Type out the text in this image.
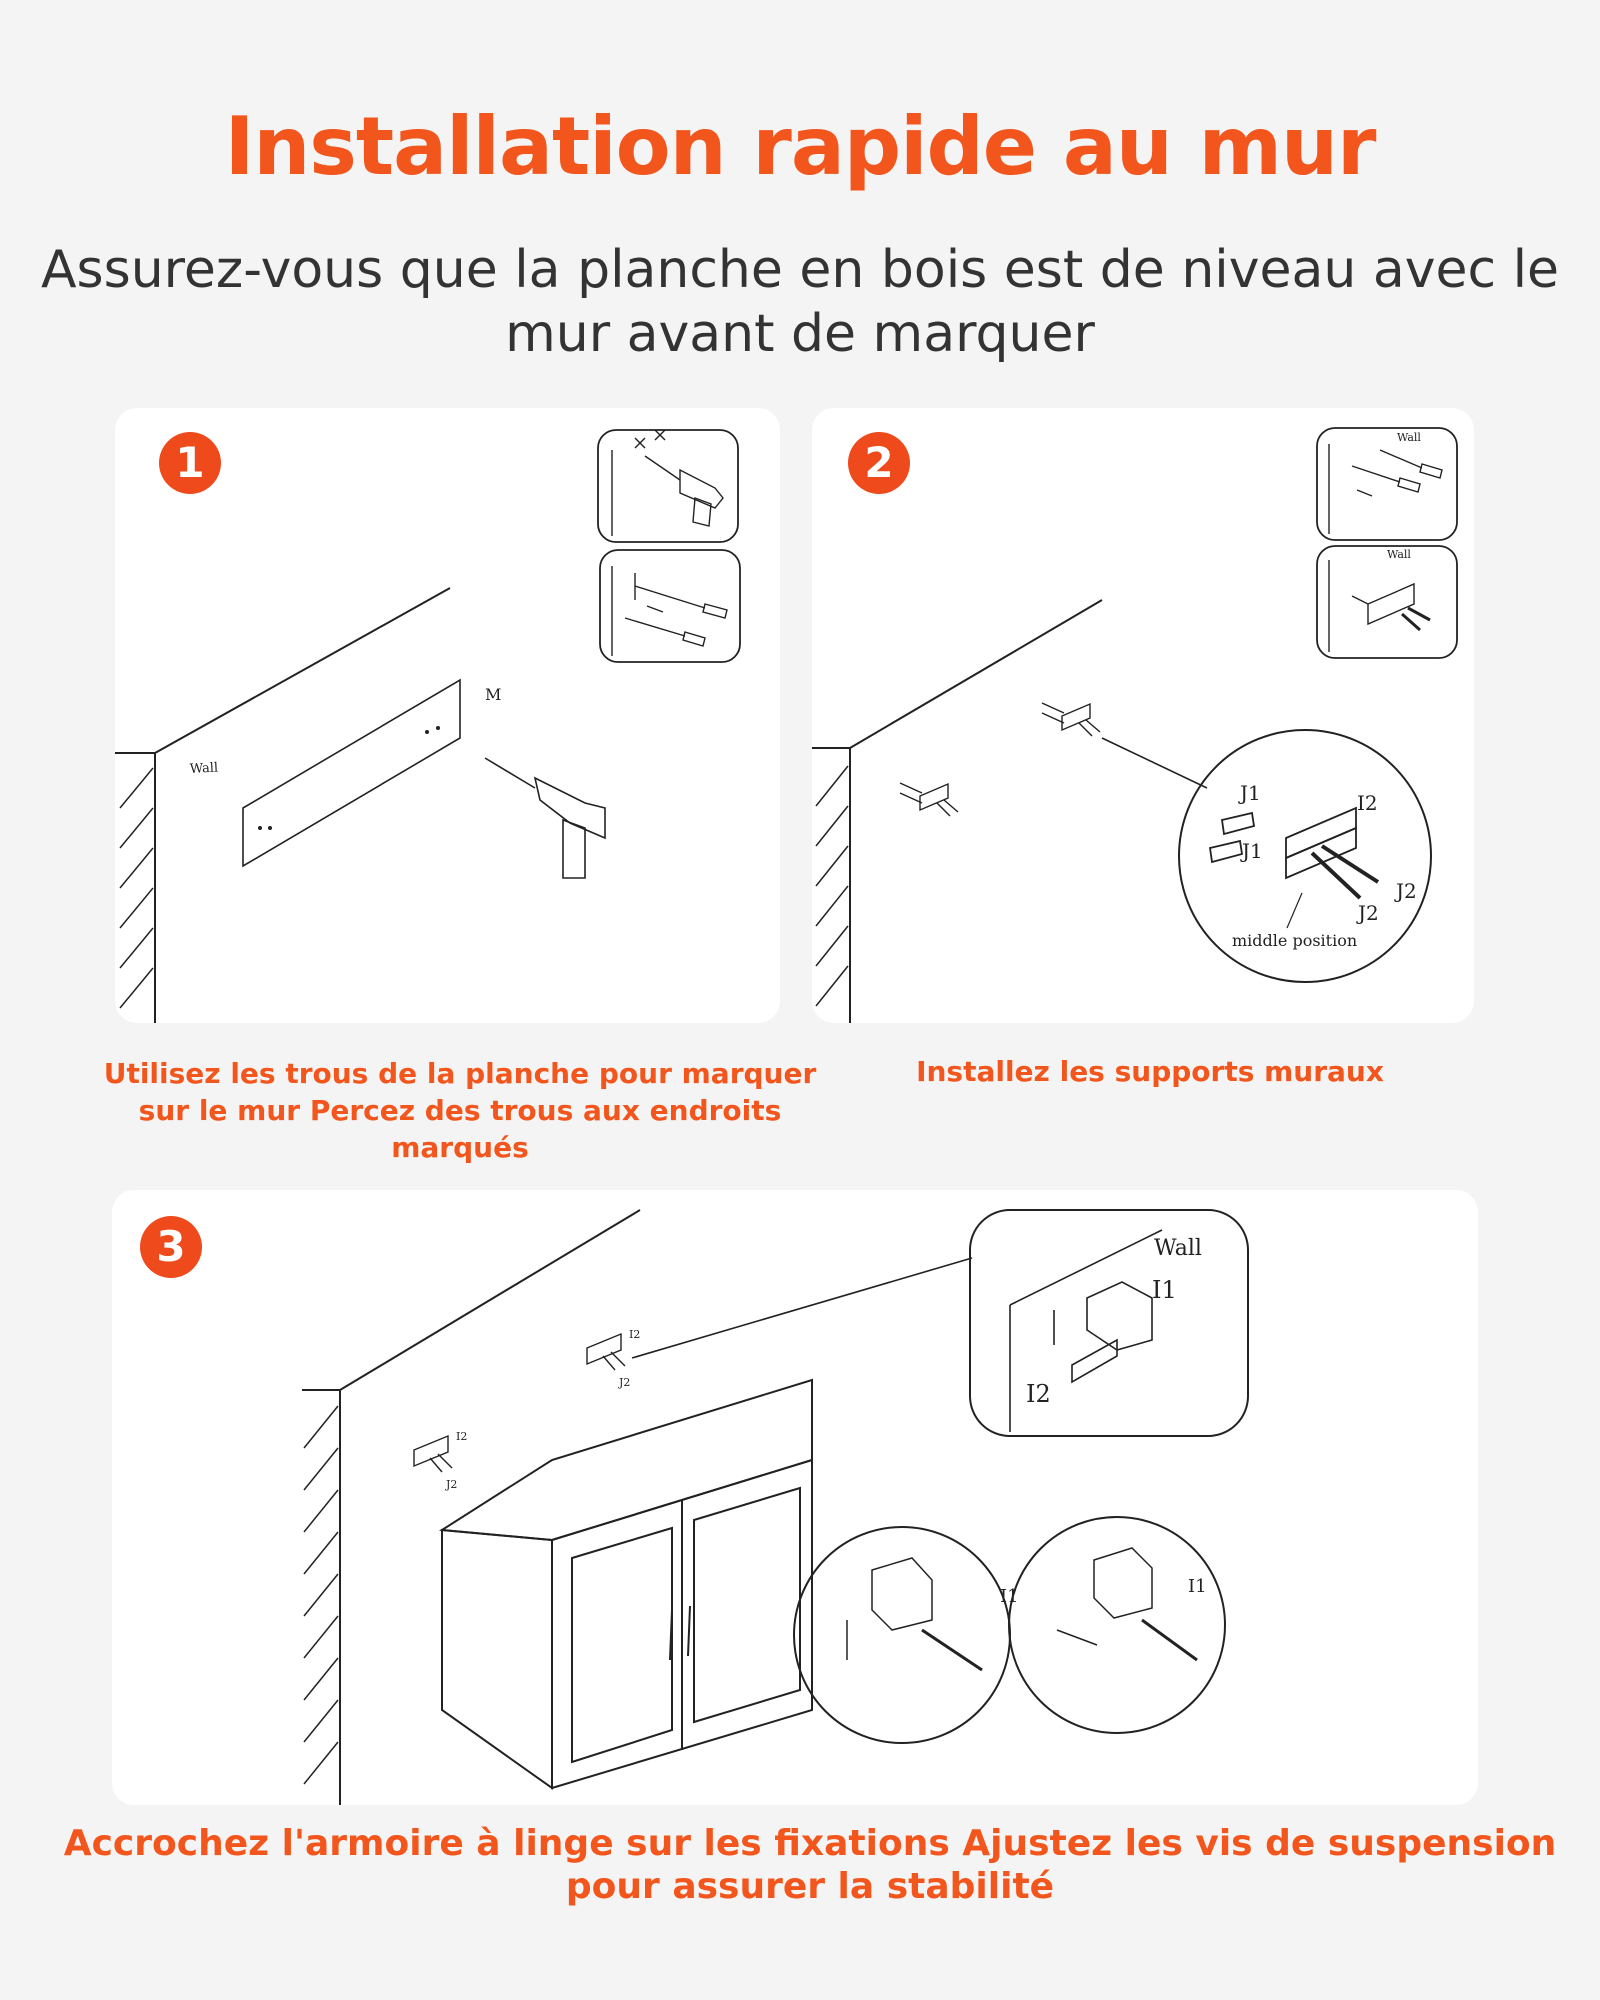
Installation rapide au mur

Assurez-vous que la planche en bois est de niveau avec le mur avant de marquer

Wall
M
1
Wall
Wall
J1	I2
J1
J2
J2
middle position
2

Utilisez les trous de la planche pour marquer sur le mur Percez des trous aux endroits marqués

Installez les supports muraux

Wall
I1
I2
I1	I1
I2
J2
I2
J2
3

Accrochez l'armoire à linge sur les fixations Ajustez les vis de suspension pour assurer la stabilité
